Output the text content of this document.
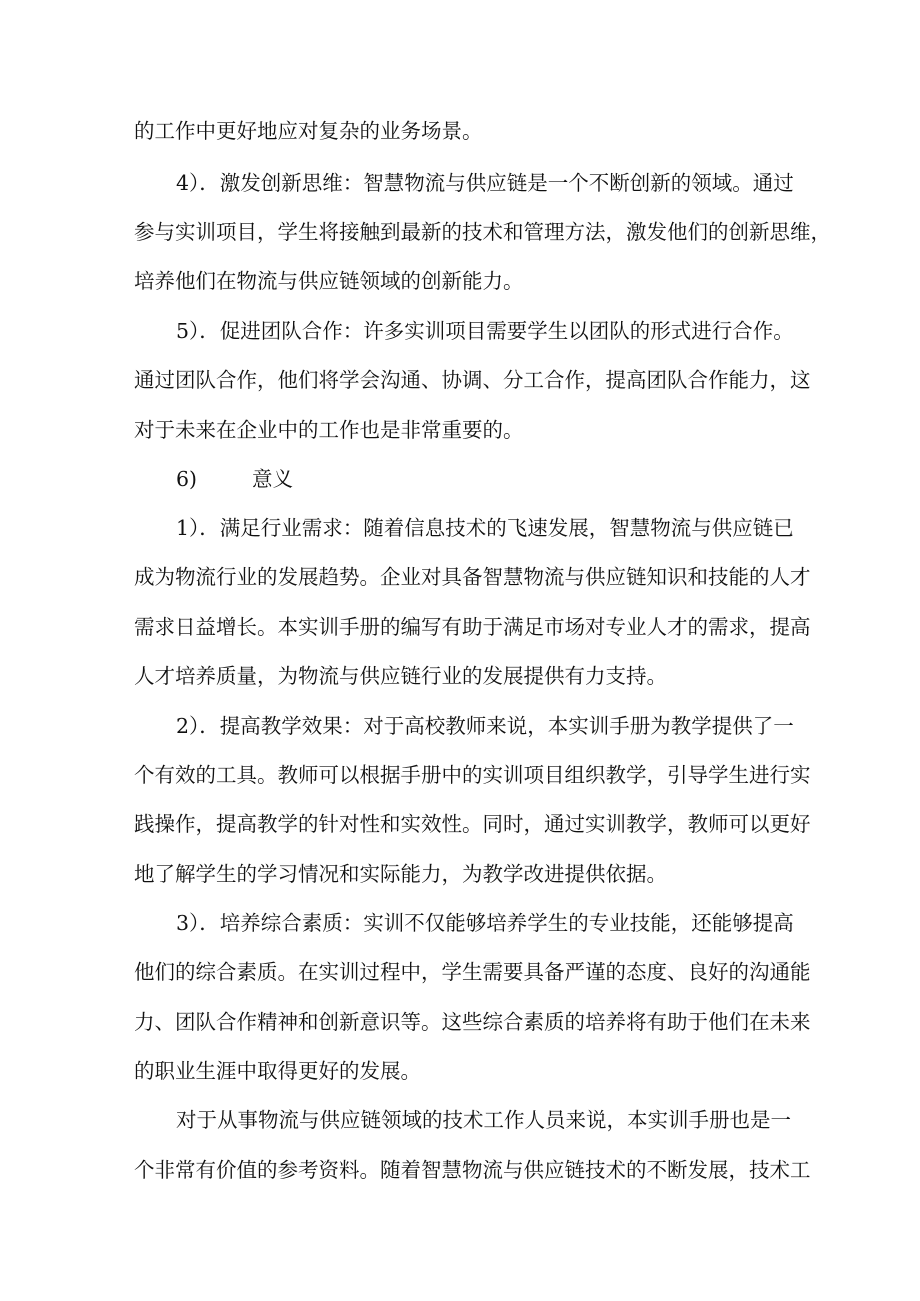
的工作中更好地应对复杂的业务场景。
4）．激发创新思维：智慧物流与供应链是一个不断创新的领域。通过
参与实训项目，学生将接触到最新的技术和管理方法，激发他们的创新思维，
培养他们在物流与供应链领域的创新能力。
5）．促进团队合作：许多实训项目需要学生以团队的形式进行合作。
通过团队合作，他们将学会沟通、协调、分工合作，提高团队合作能力，这
对于未来在企业中的工作也是非常重要的。
6)	意义
1）．满足行业需求：随着信息技术的飞速发展，智慧物流与供应链已
成为物流行业的发展趋势。企业对具备智慧物流与供应链知识和技能的人才
需求日益增长。本实训手册的编写有助于满足市场对专业人才的需求，提高
人才培养质量，为物流与供应链行业的发展提供有力支持。
2）．提高教学效果：对于高校教师来说，本实训手册为教学提供了一
个有效的工具。教师可以根据手册中的实训项目组织教学，引导学生进行实
践操作，提高教学的针对性和实效性。同时，通过实训教学，教师可以更好
地了解学生的学习情况和实际能力，为教学改进提供依据。
3）．培养综合素质：实训不仅能够培养学生的专业技能，还能够提高
他们的综合素质。在实训过程中，学生需要具备严谨的态度、良好的沟通能
力、团队合作精神和创新意识等。这些综合素质的培养将有助于他们在未来
的职业生涯中取得更好的发展。
对于从事物流与供应链领域的技术工作人员来说，本实训手册也是一
个非常有价值的参考资料。随着智慧物流与供应链技术的不断发展，技术工
